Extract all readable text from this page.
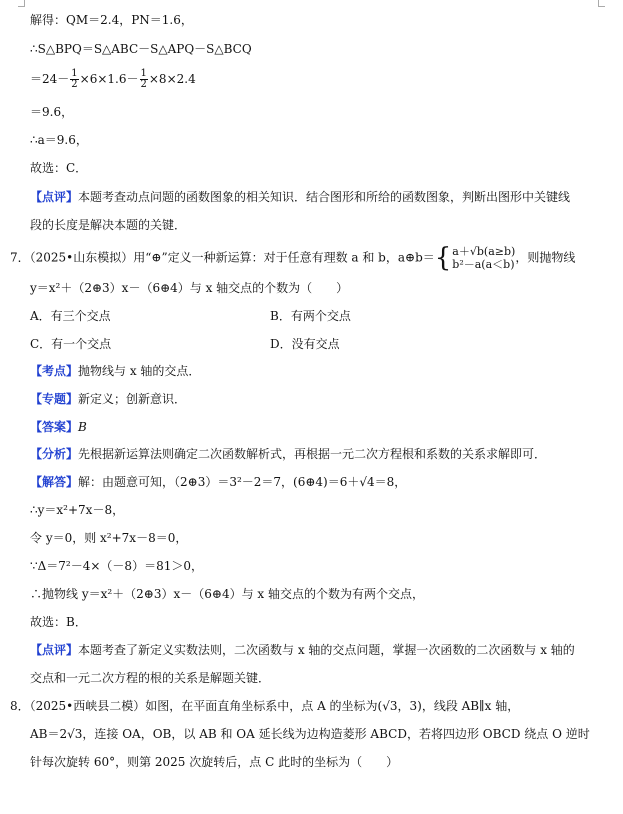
解得：QM＝2.4，PN＝1.6，
∴S△BPQ＝S△ABC－S△APQ－S△BCQ
$=24- \frac{1}{2} \times 6\times 1.6- \frac{1}{2} \times 8\times 2.4$
＝9.6，
∴a＝9.6，
故选：C．
【点评】本题考查动点问题的函数图象的相关知识．结合图形和所给的函数图象，判断出图形中关键线
段的长度是解决本题的关键．
7．（2025•山东模拟）用“⊕”定义一种新运算：对于任意有理数 a 和 b，a⊕b＝{ a＋√b(a≥b)
b²－a(a＜b) ，则抛物线
y＝x²＋（2⊕3）x－（6⊕4）与 x 轴交点的个数为（　　）
A．有三个交点	B．有两个交点
C．有一个交点	D．没有交点
【考点】抛物线与 x 轴的交点．
【专题】新定义；创新意识．
【答案】B
【分析】先根据新运算法则确定二次函数解析式，再根据一元二次方程根和系数的关系求解即可．
【解答】解：由题意可知，（2⊕3）＝3²－2＝7，(6⊕4)＝6＋√4＝8，
∴y＝x²+7x－8，
令 y＝0，则 x²+7x－8＝0，
∵Δ＝7²－4×（－8）＝81＞0，
∴抛物线 y＝x²＋（2⊕3）x－（6⊕4）与 x 轴交点的个数为有两个交点，
故选：B．
【点评】本题考查了新定义实数法则，二次函数与 x 轴的交点问题，掌握一次函数的二次函数与 x 轴的
交点和一元二次方程的根的关系是解题关键．
8．（2025•西峡县二模）如图，在平面直角坐标系中，点 A 的坐标为(√3，3)，线段 AB∥x 轴，
AB＝2√3，连接 OA，OB，以 AB 和 OA 延长线为边构造菱形 ABCD，若将四边形 OBCD 绕点 O 逆时
针每次旋转 60°，则第 2025 次旋转后，点 C 此时的坐标为（　　）
